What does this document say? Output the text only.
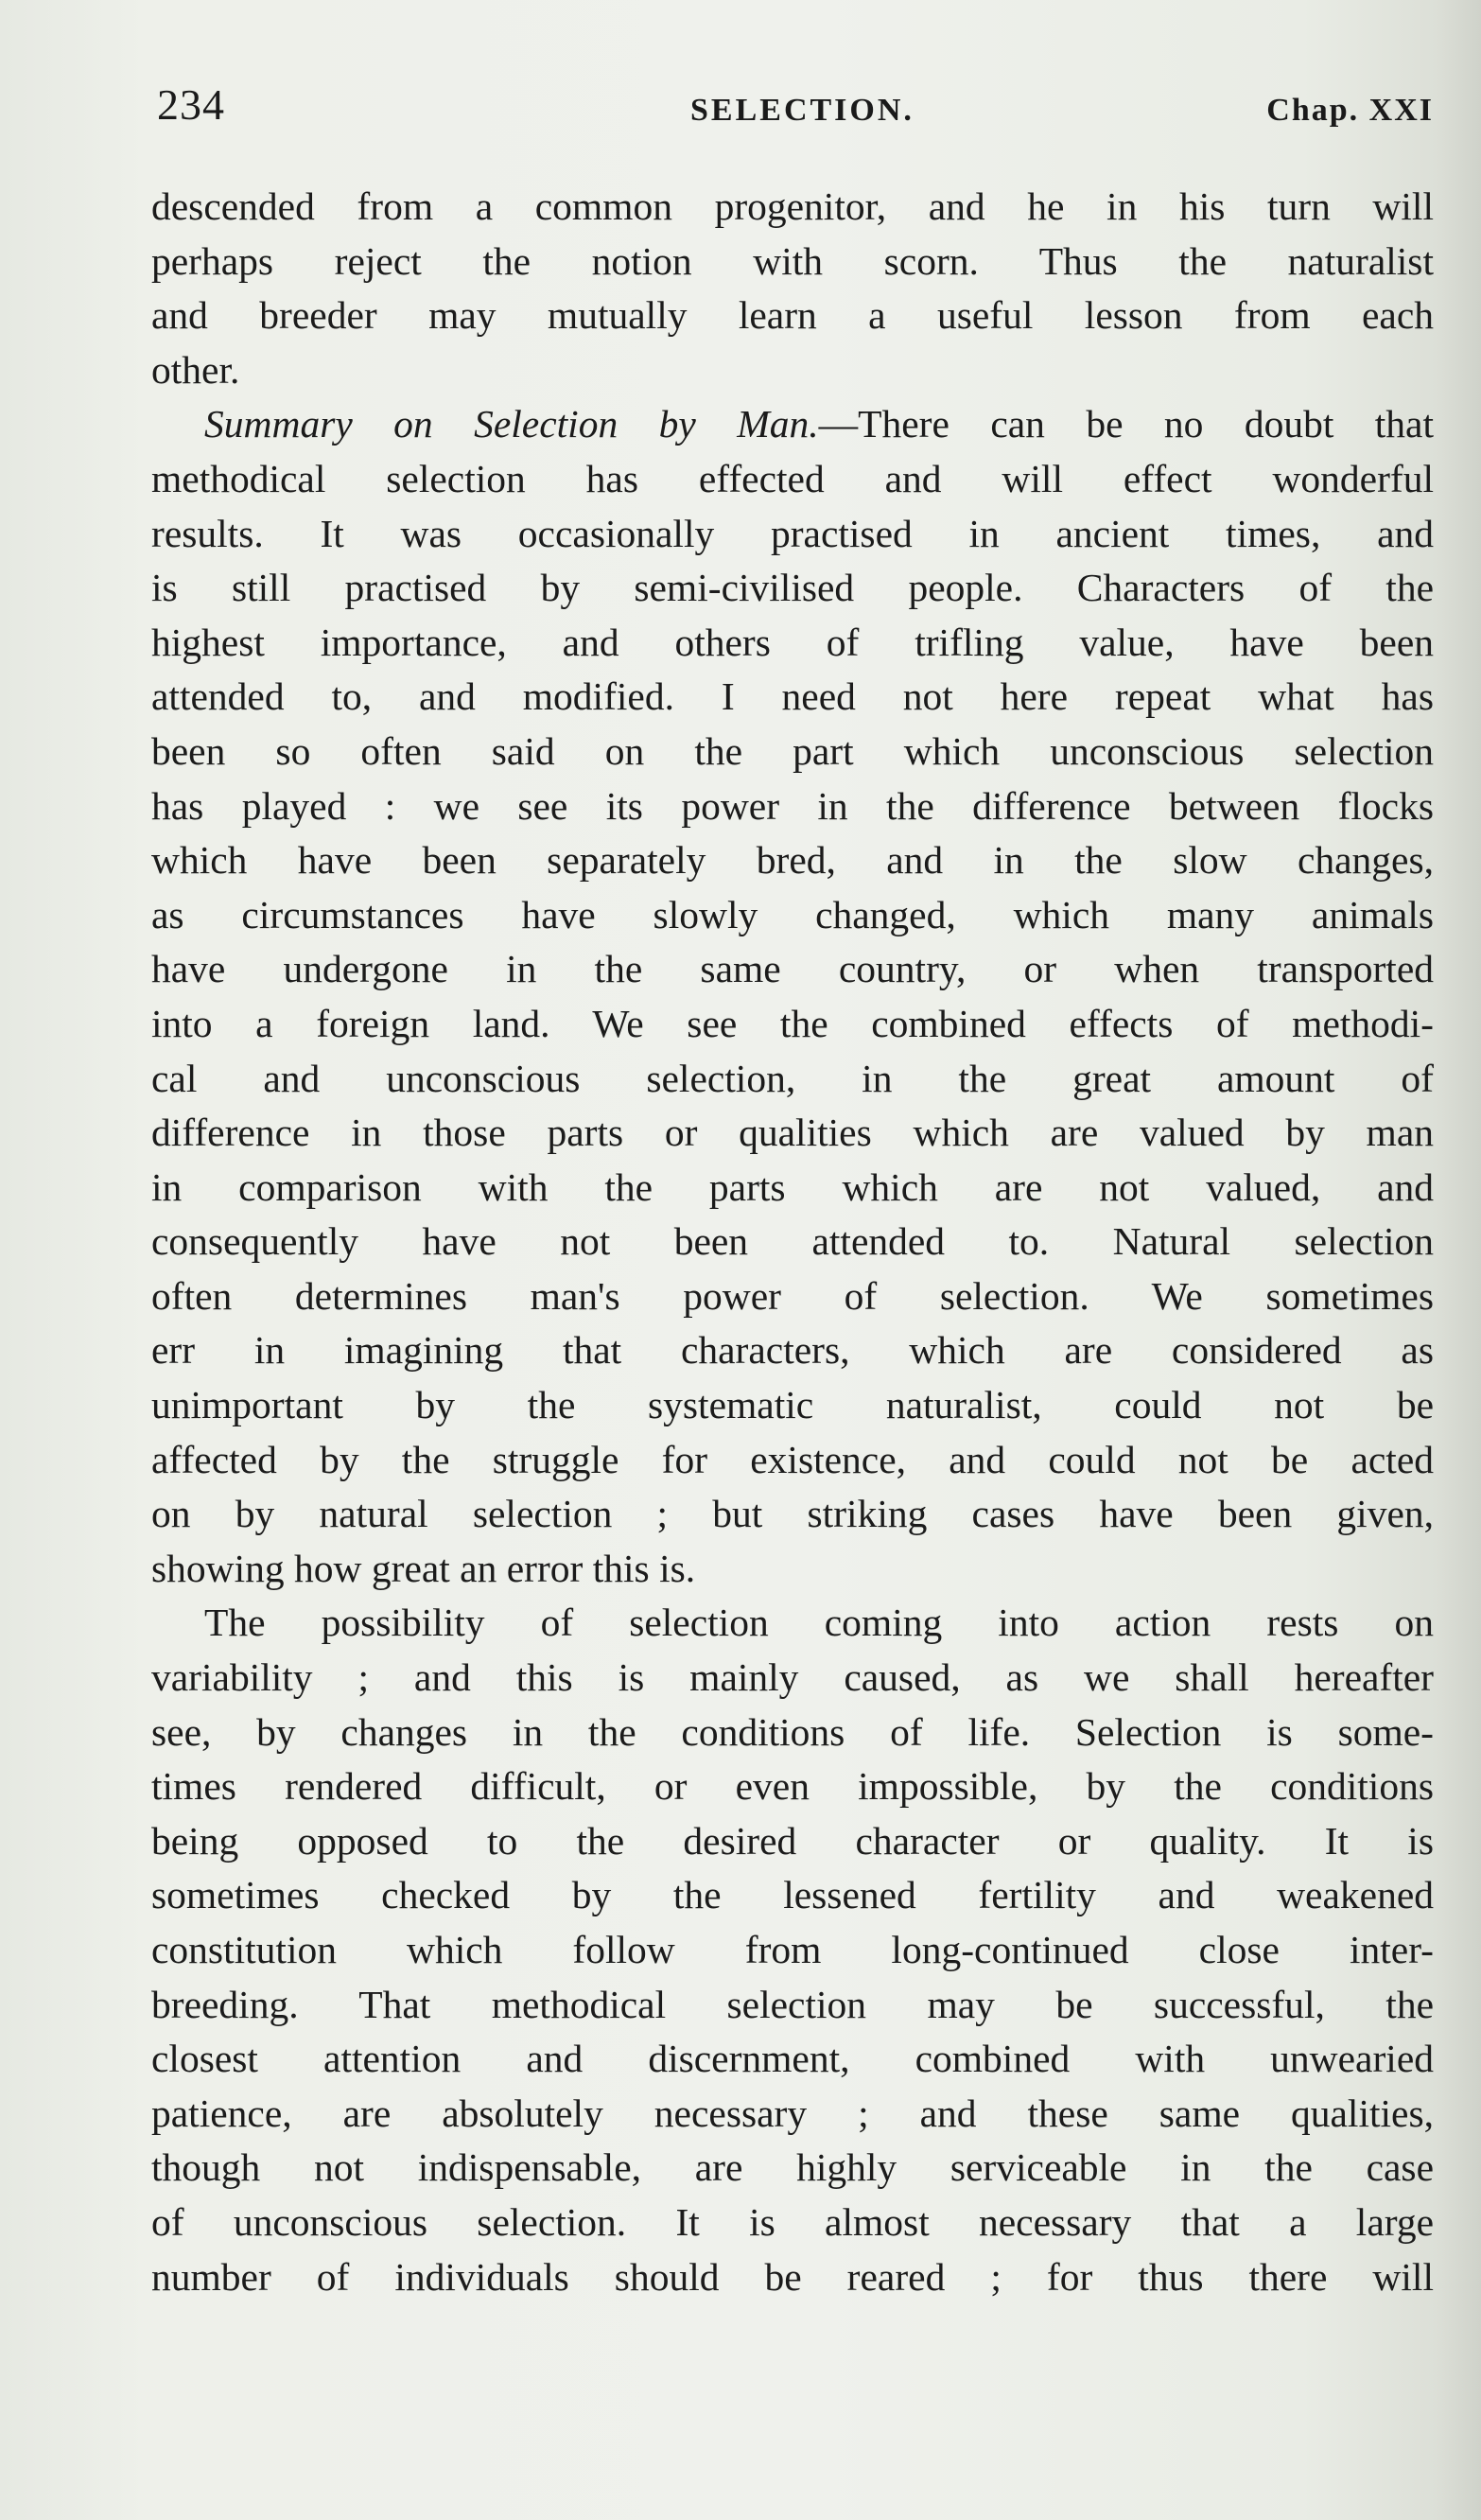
234	SELECTION.	Chap. XXI
descended from a common progenitor, and he in his turn will
perhaps reject the notion with scorn. Thus the naturalist
and breeder may mutually learn a useful lesson from each
other.
Summary on Selection by Man.—There can be no doubt that
methodical selection has effected and will effect wonderful
results. It was occasionally practised in ancient times, and
is still practised by semi-civilised people. Characters of the
highest importance, and others of trifling value, have been
attended to, and modified. I need not here repeat what has
been so often said on the part which unconscious selection
has played : we see its power in the difference between flocks
which have been separately bred, and in the slow changes,
as circumstances have slowly changed, which many animals
have undergone in the same country, or when transported
into a foreign land. We see the combined effects of methodi-
cal and unconscious selection, in the great amount of
difference in those parts or qualities which are valued by man
in comparison with the parts which are not valued, and
consequently have not been attended to. Natural selection
often determines man's power of selection. We sometimes
err in imagining that characters, which are considered as
unimportant by the systematic naturalist, could not be
affected by the struggle for existence, and could not be acted
on by natural selection ; but striking cases have been given,
showing how great an error this is.
The possibility of selection coming into action rests on
variability ; and this is mainly caused, as we shall hereafter
see, by changes in the conditions of life. Selection is some-
times rendered difficult, or even impossible, by the conditions
being opposed to the desired character or quality. It is
sometimes checked by the lessened fertility and weakened
constitution which follow from long-continued close inter-
breeding. That methodical selection may be successful, the
closest attention and discernment, combined with unwearied
patience, are absolutely necessary ; and these same qualities,
though not indispensable, are highly serviceable in the case
of unconscious selection. It is almost necessary that a large
number of individuals should be reared ; for thus there will
